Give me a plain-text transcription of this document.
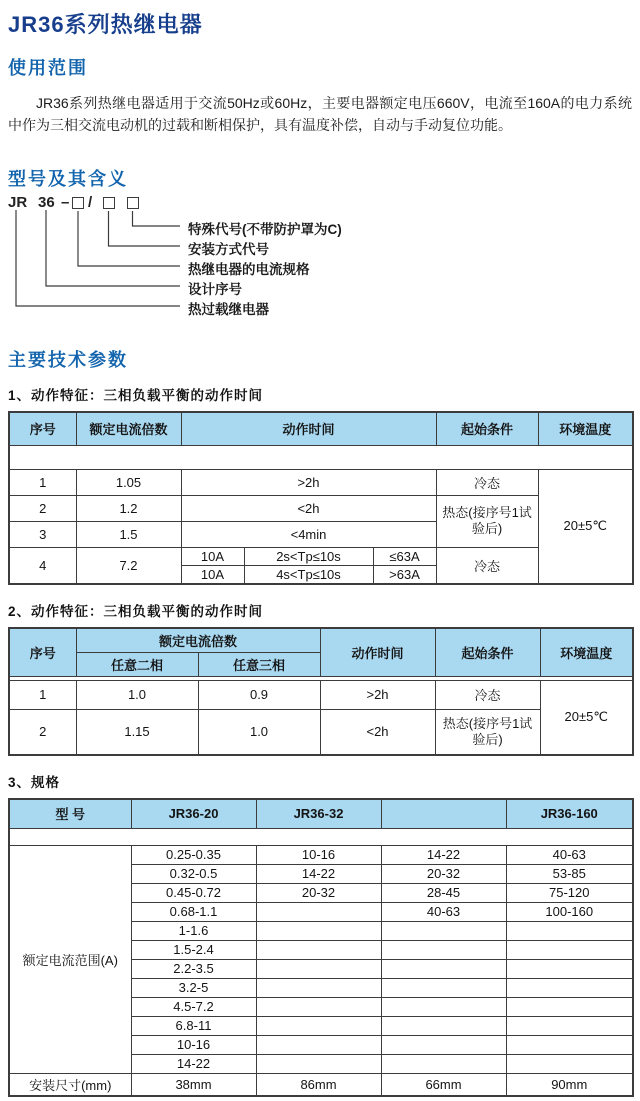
JR36系列热继电器
使用范围

JR36系列热继电器适用于交流50Hz或60Hz，主要电器额定电压660V，电流至160A的电力系统中作为三相交流电动机的过载和断相保护，具有温度补偿，自动与手动复位功能。

型号及其含义
JR 36 – /
特殊代号(不带防护罩为C)
安装方式代号
热继电器的电流规格
设计序号
热过载继电器
主要技术参数

1、动作特征：三相负载平衡的动作时间

序号	额定电流倍数	动作时间			起始条件	环境温度

1	1.05	>2h			冷态	20±5℃
2	1.2	<2h			热态(接序号1试验后)	
3	1.5	<4min				
4	7.2	10A	2s<Tp≤10s	≤63A	冷态	
		10A	4s<Tp≤10s	>63A		

2、动作特征：三相负载平衡的动作时间

序号	额定电流倍数		动作时间	起始条件	环境温度
	任意二相	任意三相			

1	1.0	0.9	>2h	冷态	20±5℃
2	1.15	1.0	<2h	热态(接序号1试验后)	

3、规格

型 号	JR36-20	JR36-32		JR36-160

额定电流范围(A)	0.25-0.35	10-16	14-22	40-63
	0.32-0.5	14-22	20-32	53-85
	0.45-0.72	20-32	28-45	75-120
	0.68-1.1		40-63	100-160
	1-1.6			
	1.5-2.4			
	2.2-3.5			
	3.2-5			
	4.5-7.2			
	6.8-11			
	10-16			
	14-22			
安装尺寸(mm)	38mm	86mm	66mm	90mm
